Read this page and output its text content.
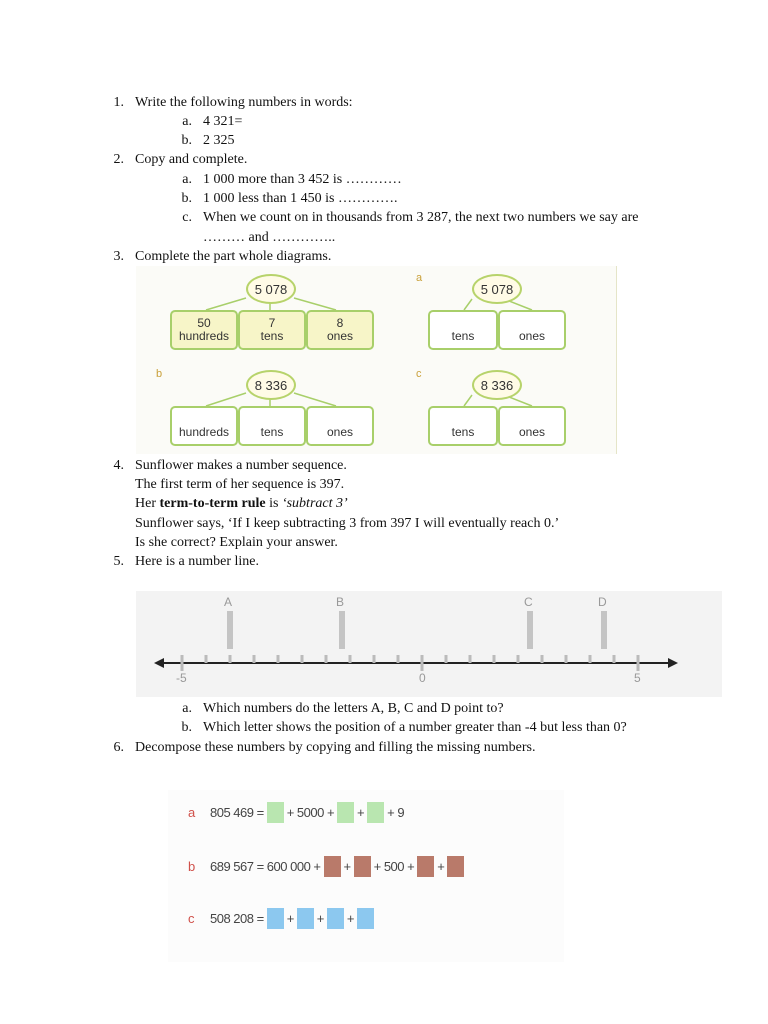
1. Write the following numbers in words:
a. 4 321=
b. 2 325
2. Copy and complete.
a. 1 000 more than 3 452 is …………
b. 1 000 less than 1 450 is ………….
c. When we count on in thousands from 3 287, the next two numbers we say are
……… and …………..
3. Complete the part whole diagrams.
5 078
50
hundreds
7
tens
8
ones
a
5 078
tens	ones
b
8 336
hundreds	tens	ones
c
8 336
tens	ones
4. Sunflower makes a number sequence.
The first term of her sequence is 397.
Her term-to-term rule is ‘subtract 3’
Sunflower says, ‘If I keep subtracting 3 from 397 I will eventually reach 0.’
Is she correct? Explain your answer.
5. Here is a number line.
A	B	C	D
-5	0	5
a. Which numbers do the letters A, B, C and D point to?
b. Which letter shows the position of a number greater than -4 but less than 0?
6. Decompose these numbers by copying and filling the missing numbers.
a	805 469 = + 5000 + + + 9
b	689 567 = 600 000 + + + 500 + +
c	508 208 = + + +
